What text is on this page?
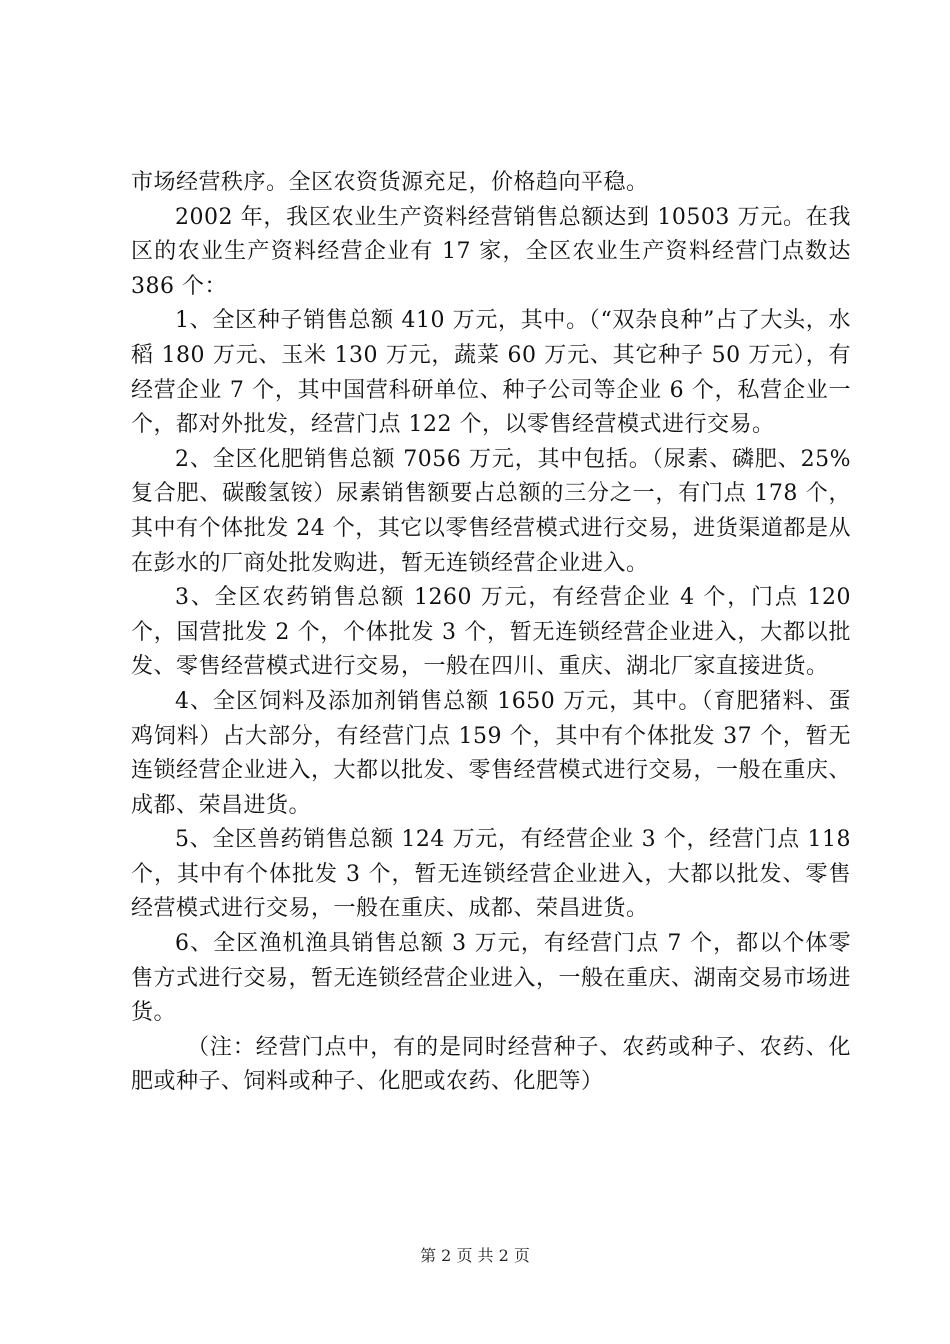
市场经营秩序。全区农资货源充足，价格趋向平稳。

2002 年，我区农业生产资料经营销售总额达到 10503 万元。在我区的农业生产资料经营企业有 17 家，全区农业生产资料经营门点数达 386 个：

1、全区种子销售总额 410 万元，其中。（“双杂良种”占了大头，水稻 180 万元、玉米 130 万元，蔬菜 60 万元、其它种子 50 万元），有经营企业 7 个，其中国营科研单位、种子公司等企业 6 个，私营企业一个，都对外批发，经营门点 122 个，以零售经营模式进行交易。

2、全区化肥销售总额 7056 万元，其中包括。（尿素、磷肥、25%复合肥、碳酸氢铵）尿素销售额要占总额的三分之一，有门点 178 个，其中有个体批发 24 个，其它以零售经营模式进行交易，进货渠道都是从在彭水的厂商处批发购进，暂无连锁经营企业进入。

3、全区农药销售总额 1260 万元，有经营企业 4 个，门点 120 个，国营批发 2 个，个体批发 3 个，暂无连锁经营企业进入，大都以批发、零售经营模式进行交易，一般在四川、重庆、湖北厂家直接进货。

4、全区饲料及添加剂销售总额 1650 万元，其中。（育肥猪料、蛋鸡饲料）占大部分，有经营门点 159 个，其中有个体批发 37 个，暂无连锁经营企业进入，大都以批发、零售经营模式进行交易，一般在重庆、成都、荣昌进货。

5、全区兽药销售总额 124 万元，有经营企业 3 个，经营门点 118 个，其中有个体批发 3 个，暂无连锁经营企业进入，大都以批发、零售经营模式进行交易，一般在重庆、成都、荣昌进货。

6、全区渔机渔具销售总额 3 万元，有经营门点 7 个，都以个体零售方式进行交易，暂无连锁经营企业进入，一般在重庆、湖南交易市场进货。

（注：经营门点中，有的是同时经营种子、农药或种子、农药、化肥或种子、饲料或种子、化肥或农药、化肥等）

第 2 页 共 2 页
